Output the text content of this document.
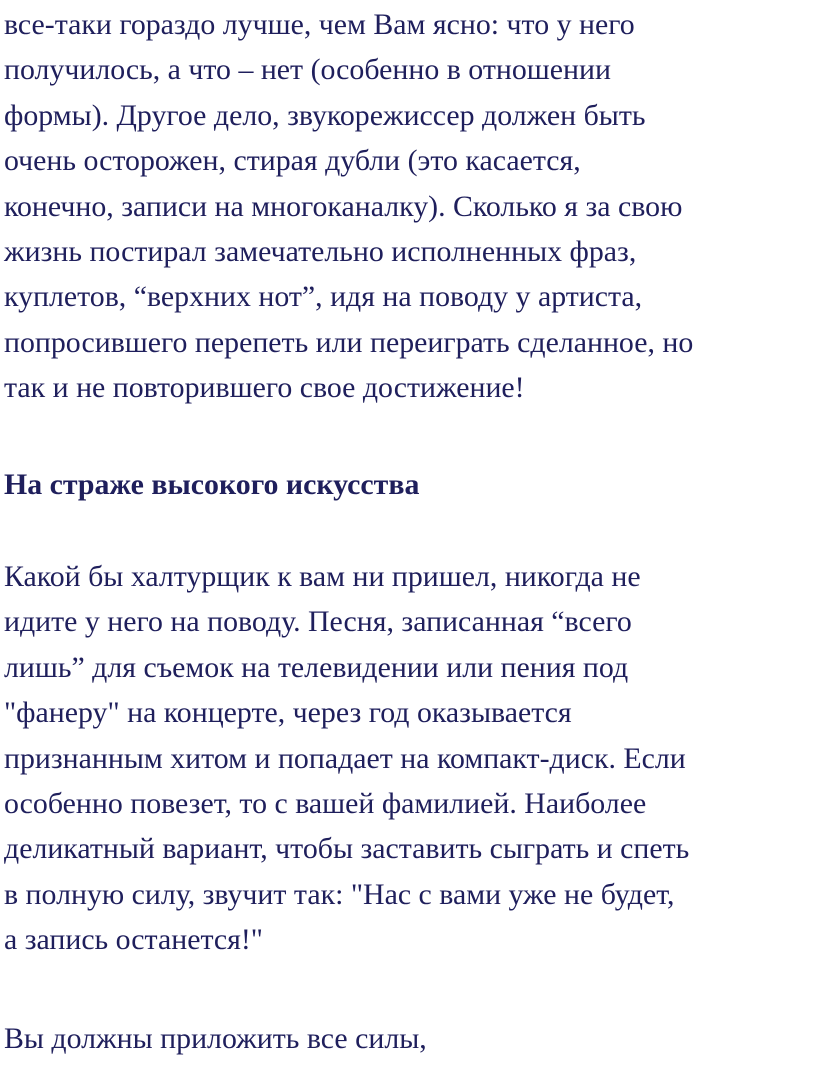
все-таки гораздо лучше, чем Вам ясно: что у него
получилось, а что – нет (особенно в отношении
формы). Другое дело, звукорежиссер должен быть
очень осторожен, стирая дубли (это касается,
конечно, записи на многоканалку). Сколько я за свою
жизнь постирал замечательно исполненных фраз,
куплетов, “верхних нот”, идя на поводу у артиста,
попросившего перепеть или переиграть сделанное, но
так и не повторившего свое достижение!
На страже высокого искусства
Какой бы халтурщик к вам ни пришел, никогда не
идите у него на поводу. Песня, записанная “всего
лишь” для съемок на телевидении или пения под
"фанеру" на концерте, через год оказывается
признанным хитом и попадает на компакт-диск. Если
особенно повезет, то с вашей фамилией. Наиболее
деликатный вариант, чтобы заставить сыграть и спеть
в полную силу, звучит так: "Нас с вами уже не будет,
а запись останется!"
Вы должны приложить все силы,
